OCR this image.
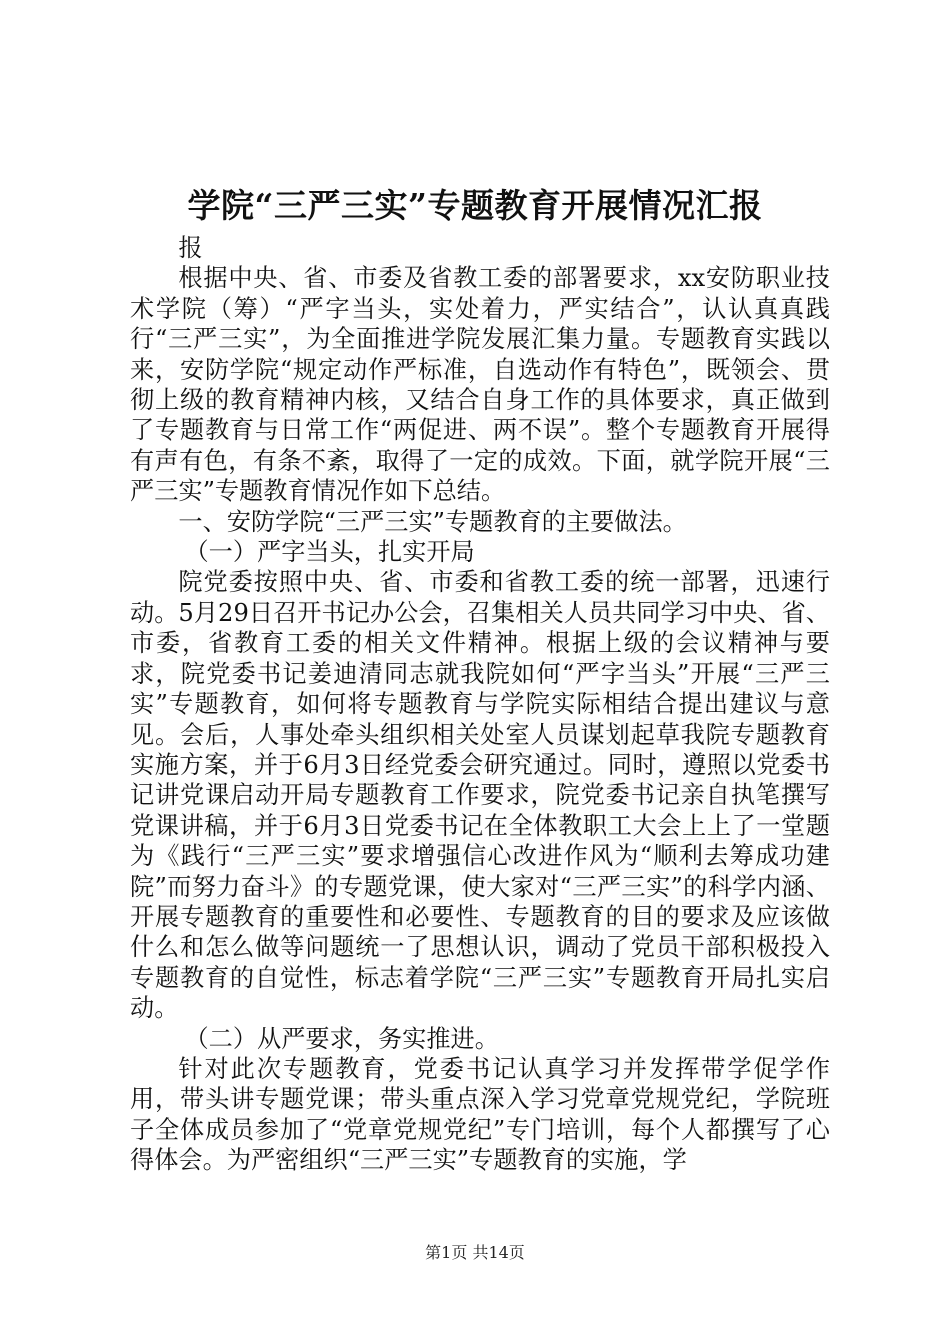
学院“三严三实”专题教育开展情况汇报

报

根据中央、省、市委及省教工委的部署要求，xx安防职业技术学院（筹）“严字当头，实处着力，严实结合”，认认真真践行“三严三实”，为全面推进学院发展汇集力量。专题教育实践以来，安防学院“规定动作严标准，自选动作有特色”，既领会、贯彻上级的教育精神内核，又结合自身工作的具体要求，真正做到了专题教育与日常工作“两促进、两不误”。整个专题教育开展得有声有色，有条不紊，取得了一定的成效。下面，就学院开展“三严三实”专题教育情况作如下总结。

一、安防学院“三严三实”专题教育的主要做法。

（一）严字当头，扎实开局

院党委按照中央、省、市委和省教工委的统一部署，迅速行动。5月29日召开书记办公会，召集相关人员共同学习中央、省、市委，省教育工委的相关文件精神。根据上级的会议精神与要求，院党委书记姜迪清同志就我院如何“严字当头”开展“三严三实”专题教育，如何将专题教育与学院实际相结合提出建议与意见。会后，人事处牵头组织相关处室人员谋划起草我院专题教育实施方案，并于6月3日经党委会研究通过。同时，遵照以党委书记讲党课启动开局专题教育工作要求，院党委书记亲自执笔撰写党课讲稿，并于6月3日党委书记在全体教职工大会上上了一堂题为《践行“三严三实”要求增强信心改进作风为“顺利去筹成功建院”而努力奋斗》的专题党课，使大家对“三严三实”的科学内涵、开展专题教育的重要性和必要性、专题教育的目的要求及应该做什么和怎么做等问题统一了思想认识，调动了党员干部积极投入专题教育的自觉性，标志着学院“三严三实”专题教育开局扎实启动。

（二）从严要求，务实推进。

针对此次专题教育，党委书记认真学习并发挥带学促学作用，带头讲专题党课；带头重点深入学习党章党规党纪，学院班子全体成员参加了“党章党规党纪”专门培训，每个人都撰写了心得体会。为严密组织“三严三实”专题教育的实施，学

第1页 共14页
